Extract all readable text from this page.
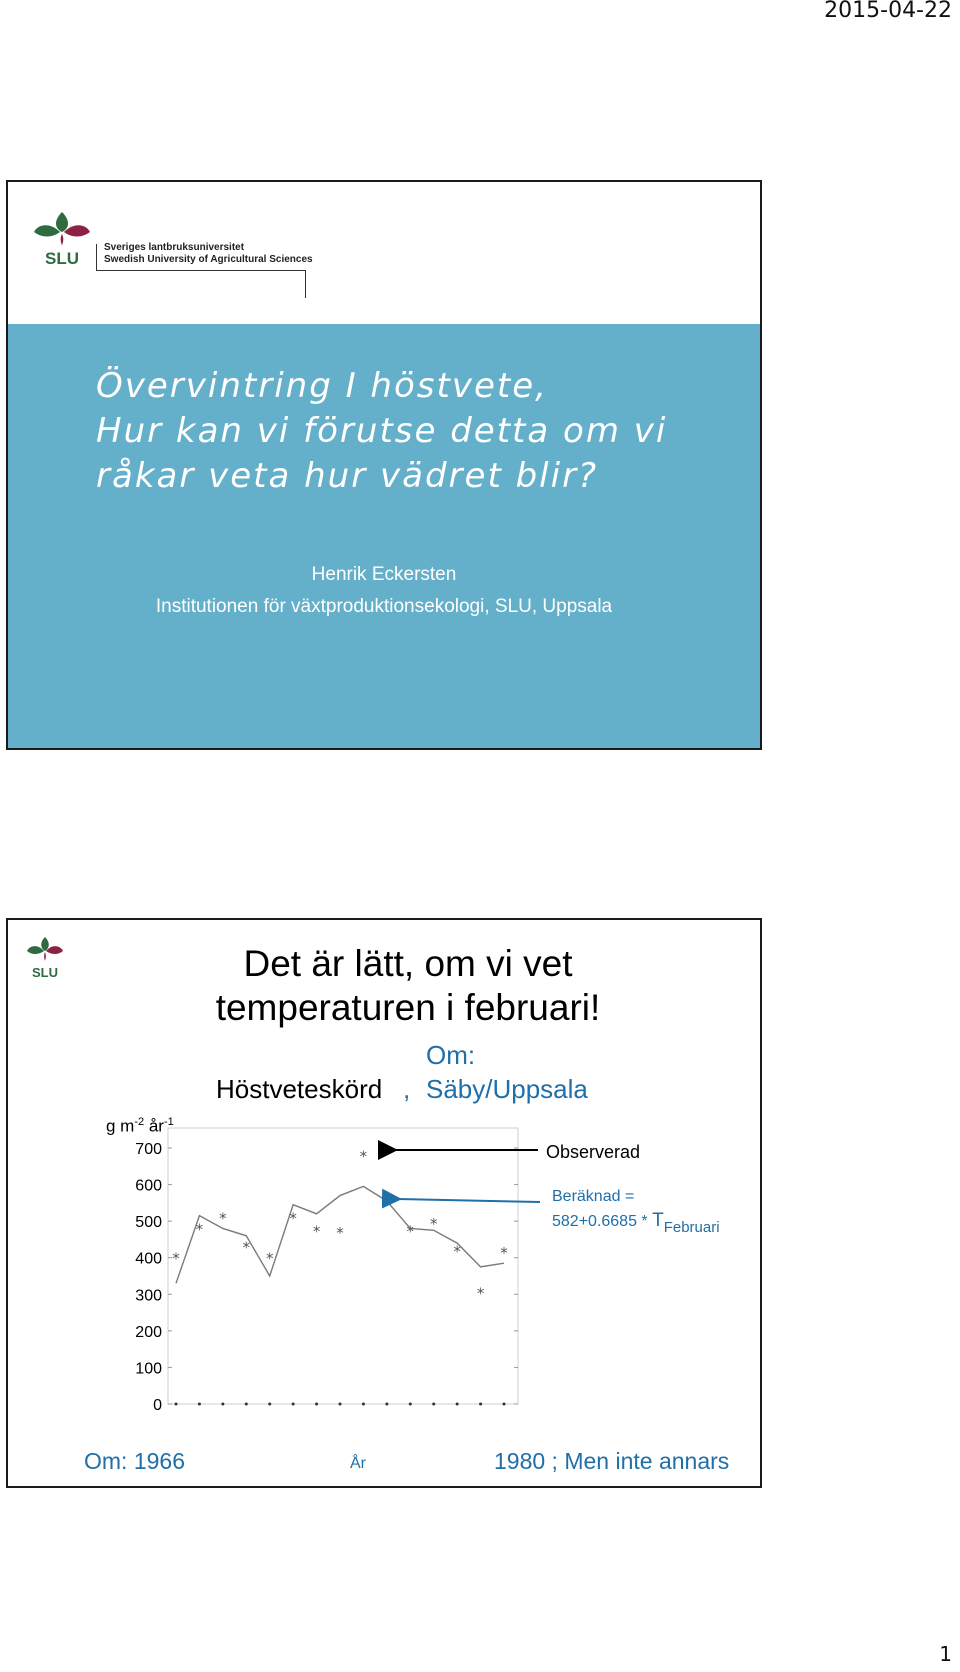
2015-04-22
SLU
Sveriges lantbruksuniversitet
Swedish University of Agricultural Sciences
Övervintring I höstvete,
Hur kan vi förutse detta om vi
råkar veta hur vädret blir?
Henrik Eckersten
Institutionen för växtproduktionsekologi, SLU, Uppsala
SLU	Det är lätt, om vi vet
temperaturen i februari!
Om:
Höstveteskörd , Säby/Uppsala
g $m^{-2}$ $år^{-1}$
0
100
200
300
400
500
600
700
*
*
*
*
*
*
* *
* *
* *
*
*
*
Observerad
Beräknad =
582+0.6685 * TFebruari
Om: 1966	År	1980 ; Men inte annars
1
